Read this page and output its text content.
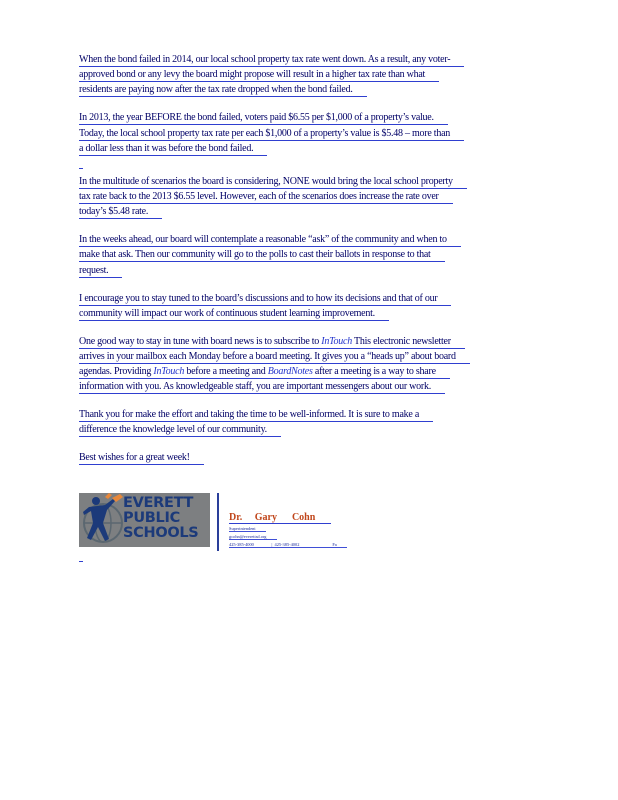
When the bond failed in 2014, our local school property tax rate went down. As a result, any voter-
approved bond or any levy the board might propose will result in a higher tax rate than what
residents are paying now after the tax rate dropped when the bond failed.

In 2013, the year BEFORE the bond failed, voters paid $6.55 per $1,000 of a property’s value.
Today, the local school property tax rate per each $1,000 of a property’s value is $5.48 – more than
a dollar less than it was before the bond failed.

In the multitude of scenarios the board is considering, NONE would bring the local school property
tax rate back to the 2013 $6.55 level. However, each of the scenarios does increase the rate over
today’s $5.48 rate.

In the weeks ahead, our board will contemplate a reasonable “ask” of the community and when to
make that ask. Then our community will go to the polls to cast their ballots in response to that
request.

I encourage you to stay tuned to the board’s discussions and to how its decisions and that of our
community will impact our work of continuous student learning improvement.

One good way to stay in tune with board news is to subscribe to InTouch This electronic newsletter
arrives in your mailbox each Monday before a board meeting. It gives you a “heads up” about board
agendas. Providing InTouch before a meeting and BoardNotes after a meeting is a way to share
information with you. As knowledgeable staff, you are important messengers about our work.

Thank you for make the effort and taking the time to be well-informed. It is sure to make a
difference the knowledge level of our community.

Best wishes for a great week!

EVERETT
PUBLIC
SCHOOLS
Dr.     Gary      Cohn
Superintendent
gcohn@everettsd.org
425-385-4000                |  425-385-4002                              Fa
